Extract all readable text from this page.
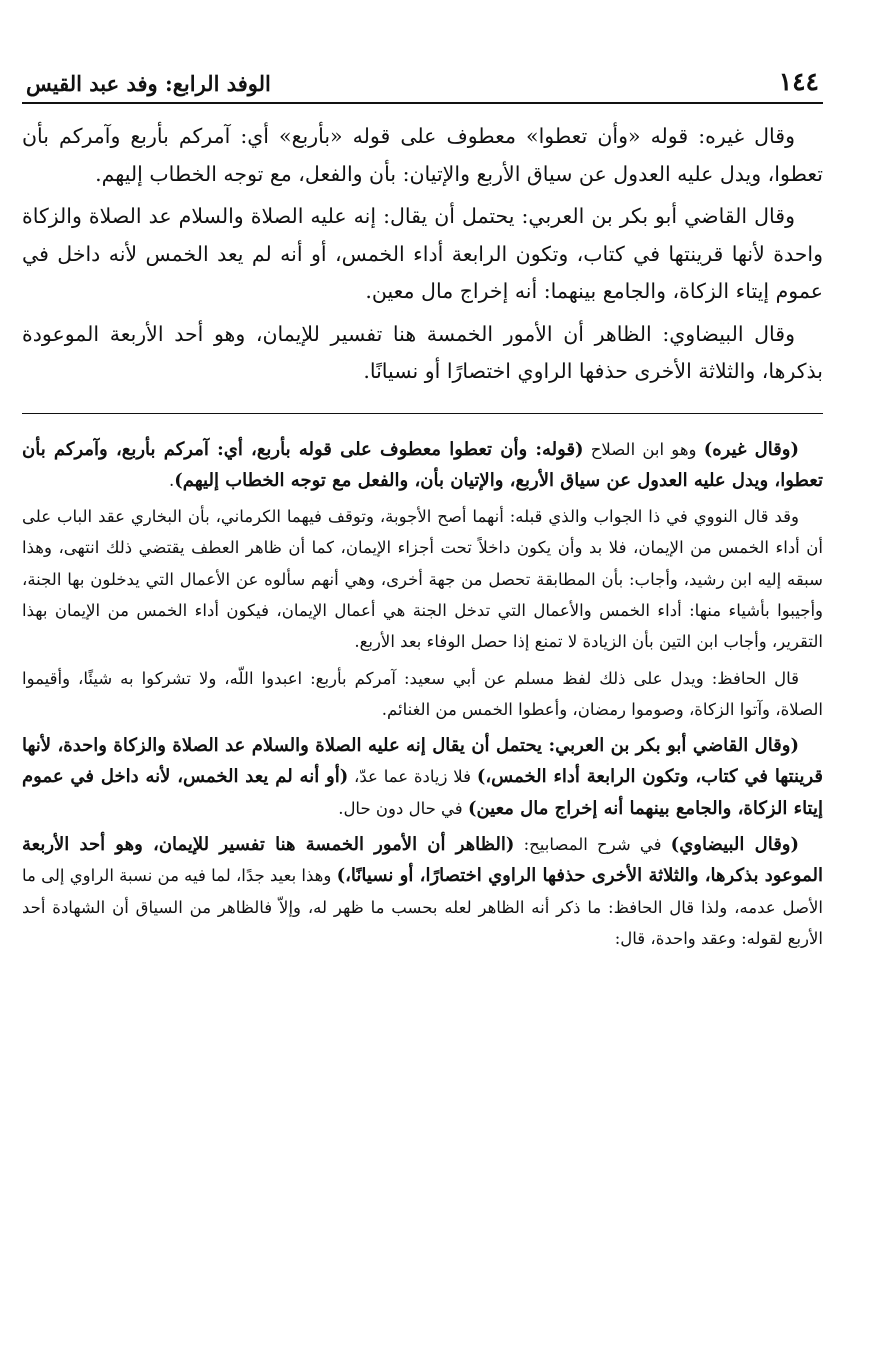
١٤٤
الوفد الرابع: وفد عبد القيس

وقال غيره: قوله «وأن تعطوا» معطوف على قوله «بأربع» أي: آمركم بأربع وآمركم بأن تعطوا، ويدل عليه العدول عن سياق الأربع والإتيان: بأن والفعل، مع توجه الخطاب إليهم.

وقال القاضي أبو بكر بن العربي: يحتمل أن يقال: إنه عليه الصلاة والسلام عد الصلاة والزكاة واحدة لأنها قرينتها في كتاب، وتكون الرابعة أداء الخمس، أو أنه لم يعد الخمس لأنه داخل في عموم إيتاء الزكاة، والجامع بينهما: أنه إخراج مال معين.

وقال البيضاوي: الظاهر أن الأمور الخمسة هنا تفسير للإيمان، وهو أحد الأربعة الموعودة بذكرها، والثلاثة الأخرى حذفها الراوي اختصارًا أو نسيانًا.

(وقال غيره) وهو ابن الصلاح (قوله: وأن تعطوا معطوف على قوله بأربع، أي: آمركم بأربع، وآمركم بأن تعطوا، ويدل عليه العدول عن سياق الأربع، والإتيان بأن، والفعل مع توجه الخطاب إليهم).

وقد قال النووي في ذا الجواب والذي قبله: أنهما أصح الأجوبة، وتوقف فيهما الكرماني، بأن البخاري عقد الباب على أن أداء الخمس من الإيمان، فلا بد وأن يكون داخلاً تحت أجزاء الإيمان، كما أن ظاهر العطف يقتضي ذلك انتهى، وهذا سبقه إليه ابن رشيد، وأجاب: بأن المطابقة تحصل من جهة أخرى، وهي أنهم سألوه عن الأعمال التي يدخلون بها الجنة، وأجيبوا بأشياء منها: أداء الخمس والأعمال التي تدخل الجنة هي أعمال الإيمان، فيكون أداء الخمس من الإيمان بهذا التقرير، وأجاب ابن التين بأن الزيادة لا تمنع إذا حصل الوفاء بعد الأربع.

قال الحافظ: ويدل على ذلك لفظ مسلم عن أبي سعيد: آمركم بأربع: اعبدوا اللّه، ولا تشركوا به شيئًا، وأقيموا الصلاة، وآتوا الزكاة، وصوموا رمضان، وأعطوا الخمس من الغنائم.

(وقال القاضي أبو بكر بن العربي: يحتمل أن يقال إنه عليه الصلاة والسلام عد الصلاة والزكاة واحدة، لأنها قرينتها في كتاب، وتكون الرابعة أداء الخمس،) فلا زيادة عما عدّ، (أو أنه لم يعد الخمس، لأنه داخل في عموم إيتاء الزكاة، والجامع بينهما أنه إخراج مال معين) في حال دون حال.

(وقال البيضاوي) في شرح المصابيح: (الظاهر أن الأمور الخمسة هنا تفسير للإيمان، وهو أحد الأربعة الموعود بذكرها، والثلاثة الأخرى حذفها الراوي اختصارًا، أو نسيانًا،) وهذا بعيد جدًا، لما فيه من نسبة الراوي إلى ما الأصل عدمه، ولذا قال الحافظ: ما ذكر أنه الظاهر لعله بحسب ما ظهر له، وإلاّ فالظاهر من السياق أن الشهادة أحد الأربع لقوله: وعقد واحدة، قال:
